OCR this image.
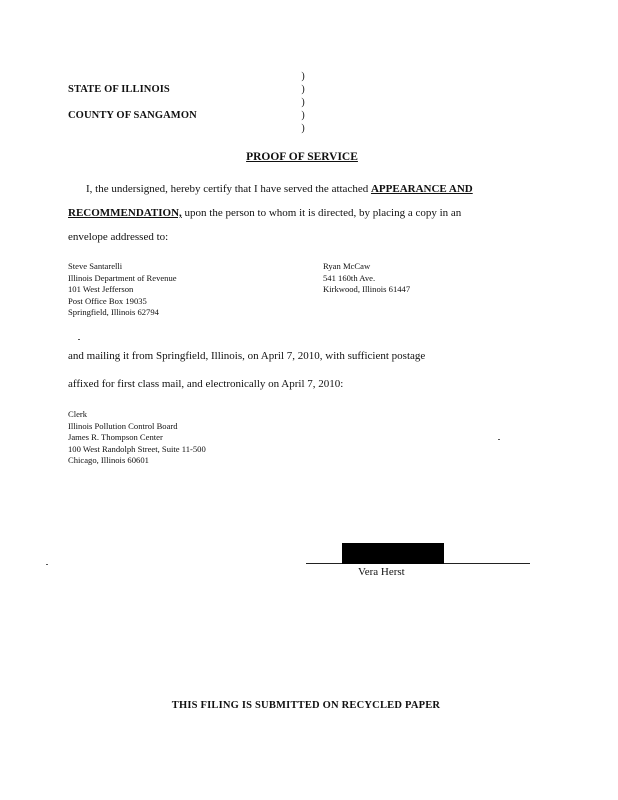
STATE OF ILLINOIS
COUNTY OF SANGAMON
)
)
)
)
)
PROOF OF SERVICE
I, the undersigned, hereby certify that I have served the attached APPEARANCE AND
RECOMMENDATION, upon the person to whom it is directed, by placing a copy in an
envelope addressed to:
Steve Santarelli
Illinois Department of Revenue
101 West Jefferson
Post Office Box 19035
Springfield, Illinois 62794
Ryan McCaw
541 160th Ave.
Kirkwood, Illinois 61447
and mailing it from Springfield, Illinois, on April 7, 2010, with sufficient postage
affixed for first class mail, and electronically on April 7, 2010:
Clerk
Illinois Pollution Control Board
James R. Thompson Center
100 West Randolph Street, Suite 11-500
Chicago, Illinois 60601
Vera Herst
THIS FILING IS SUBMITTED ON RECYCLED PAPER
